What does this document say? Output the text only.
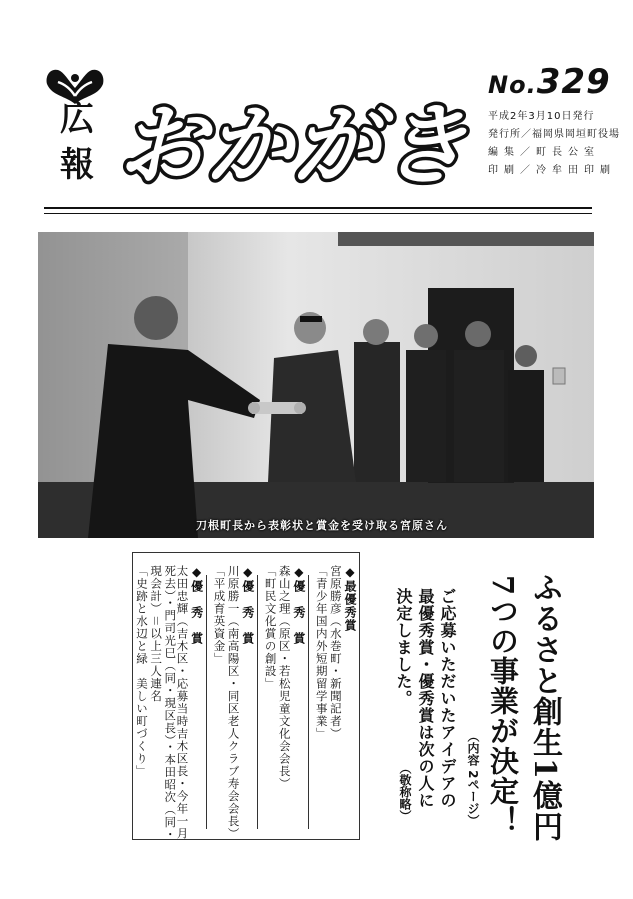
広
報 おかがき
No.329
平成2年3月10日発行
発行所／福岡県岡垣町役場
編集／町長公室
印刷／冷牟田印刷
刀根町長から表彰状と賞金を受け取る宮原さん
◆最優秀賞
宮原勝彦（水巻町・新聞記者）
「青少年国内外短期留学事業」
◆優　秀　賞
森山之理（原区・若松児童文化会会長）
「町民文化賞の創設」
◆優　秀　賞
川原勝一（南高陽区・同区老人クラブ寿会会長）
「平成育英資金」
◆優　秀　賞
太田忠輝（吉木区・応募当時吉木区長・今年一月
死去）・門司光巳（同・現区長）・本田昭次（同・
現会計）＝以上三人連名
「史跡と水辺と緑　美しい町づくり」	ふるさと創生1億円
7つの事業が決定！
（内容 2ページ）
ご応募いただいたアイデアの
最優秀賞・優秀賞は次の人に
決定しました。
（敬称略）
